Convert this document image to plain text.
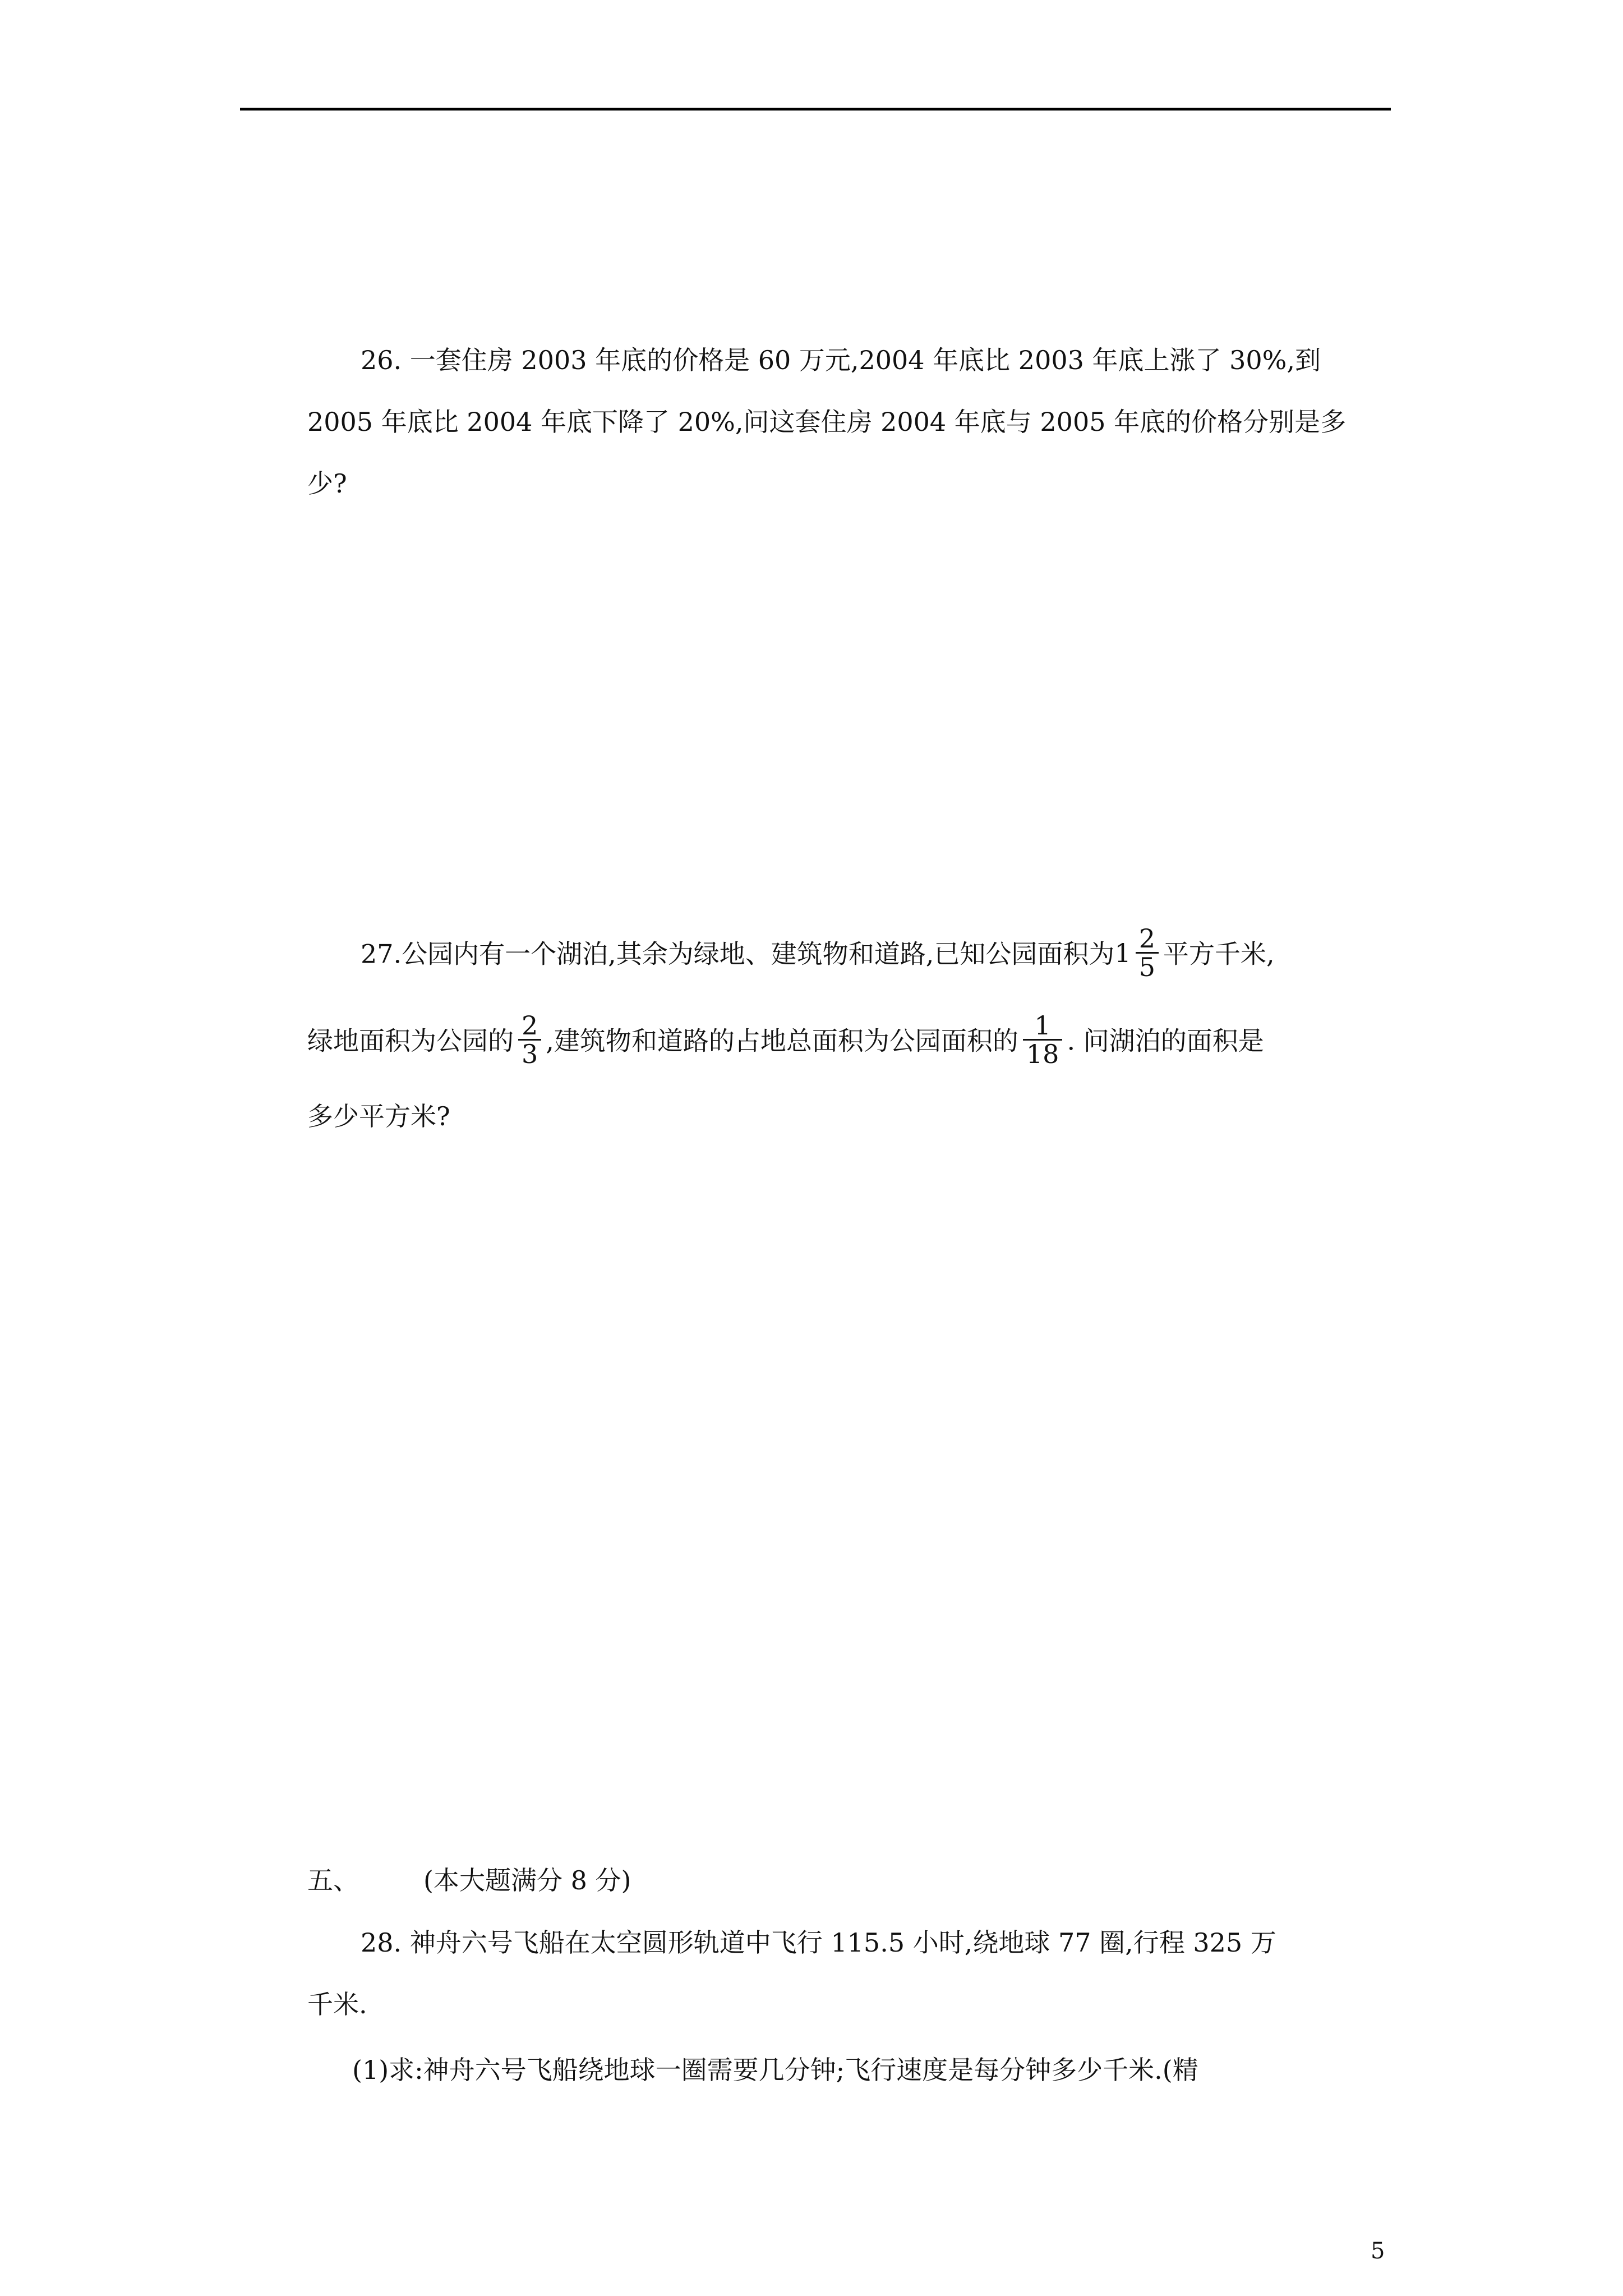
26. 一套住房 2003 年底的价格是 60 万元,2004 年底比 2003 年底上涨了 30%,到
2005 年底比 2004 年底下降了 20%,问这套住房 2004 年底与 2005 年底的价格分别是多
少?
27.公园内有一个湖泊,其余为绿地、建筑物和道路,已知公园面积为$1 \frac{2}{5}$ 平方千米,
绿地面积为公园的 $\frac{2}{3}$ ,建筑物和道路的占地总面积为公园面积的 $\frac{1}{18}$ . 问湖泊的面积是
多少平方米?
五、	(本大题满分 8 分)
28. 神舟六号飞船在太空圆形轨道中飞行 115.5 小时,绕地球 77 圈,行程 325 万
千米.
(1)求:神舟六号飞船绕地球一圈需要几分钟;飞行速度是每分钟多少千米.(精
5
